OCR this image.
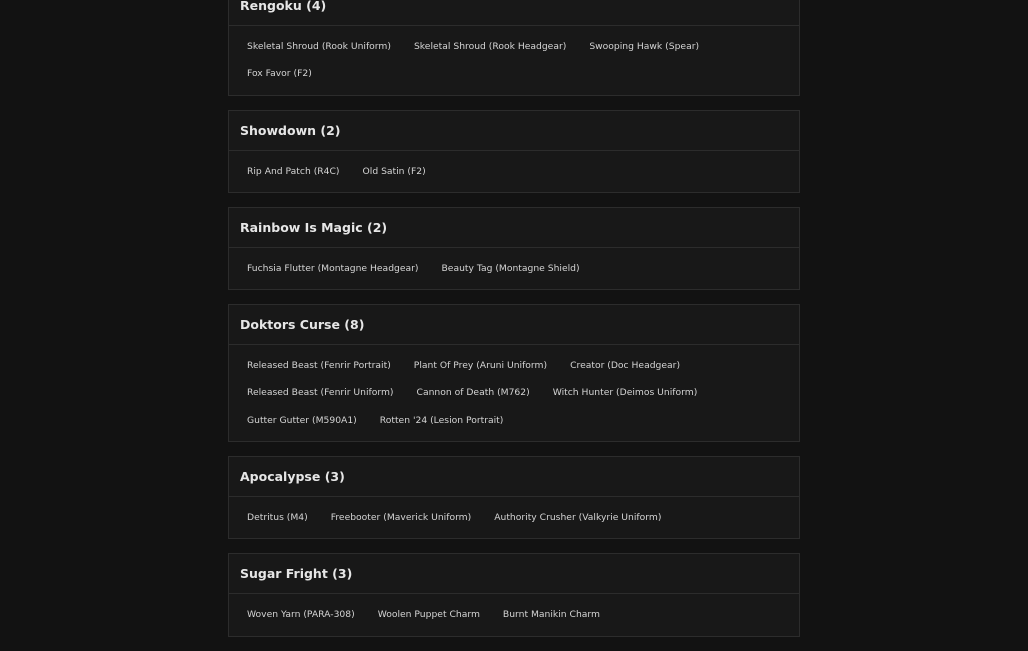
Rengoku (4)
Skeletal Shroud (Rook Uniform)	Skeletal Shroud (Rook Headgear)	Swooping Hawk (Spear)
Fox Favor (F2)
Showdown (2)
Rip And Patch (R4C)	Old Satin (F2)
Rainbow Is Magic (2)
Fuchsia Flutter (Montagne Headgear)	Beauty Tag (Montagne Shield)
Doktors Curse (8)
Released Beast (Fenrir Portrait)	Plant Of Prey (Aruni Uniform)	Creator (Doc Headgear)
Released Beast (Fenrir Uniform)	Cannon of Death (M762)	Witch Hunter (Deimos Uniform)
Gutter Gutter (M590A1)	Rotten '24 (Lesion Portrait)
Apocalypse (3)
Detritus (M4)	Freebooter (Maverick Uniform)	Authority Crusher (Valkyrie Uniform)
Sugar Fright (3)
Woven Yarn (PARA-308)	Woolen Puppet Charm	Burnt Manikin Charm
